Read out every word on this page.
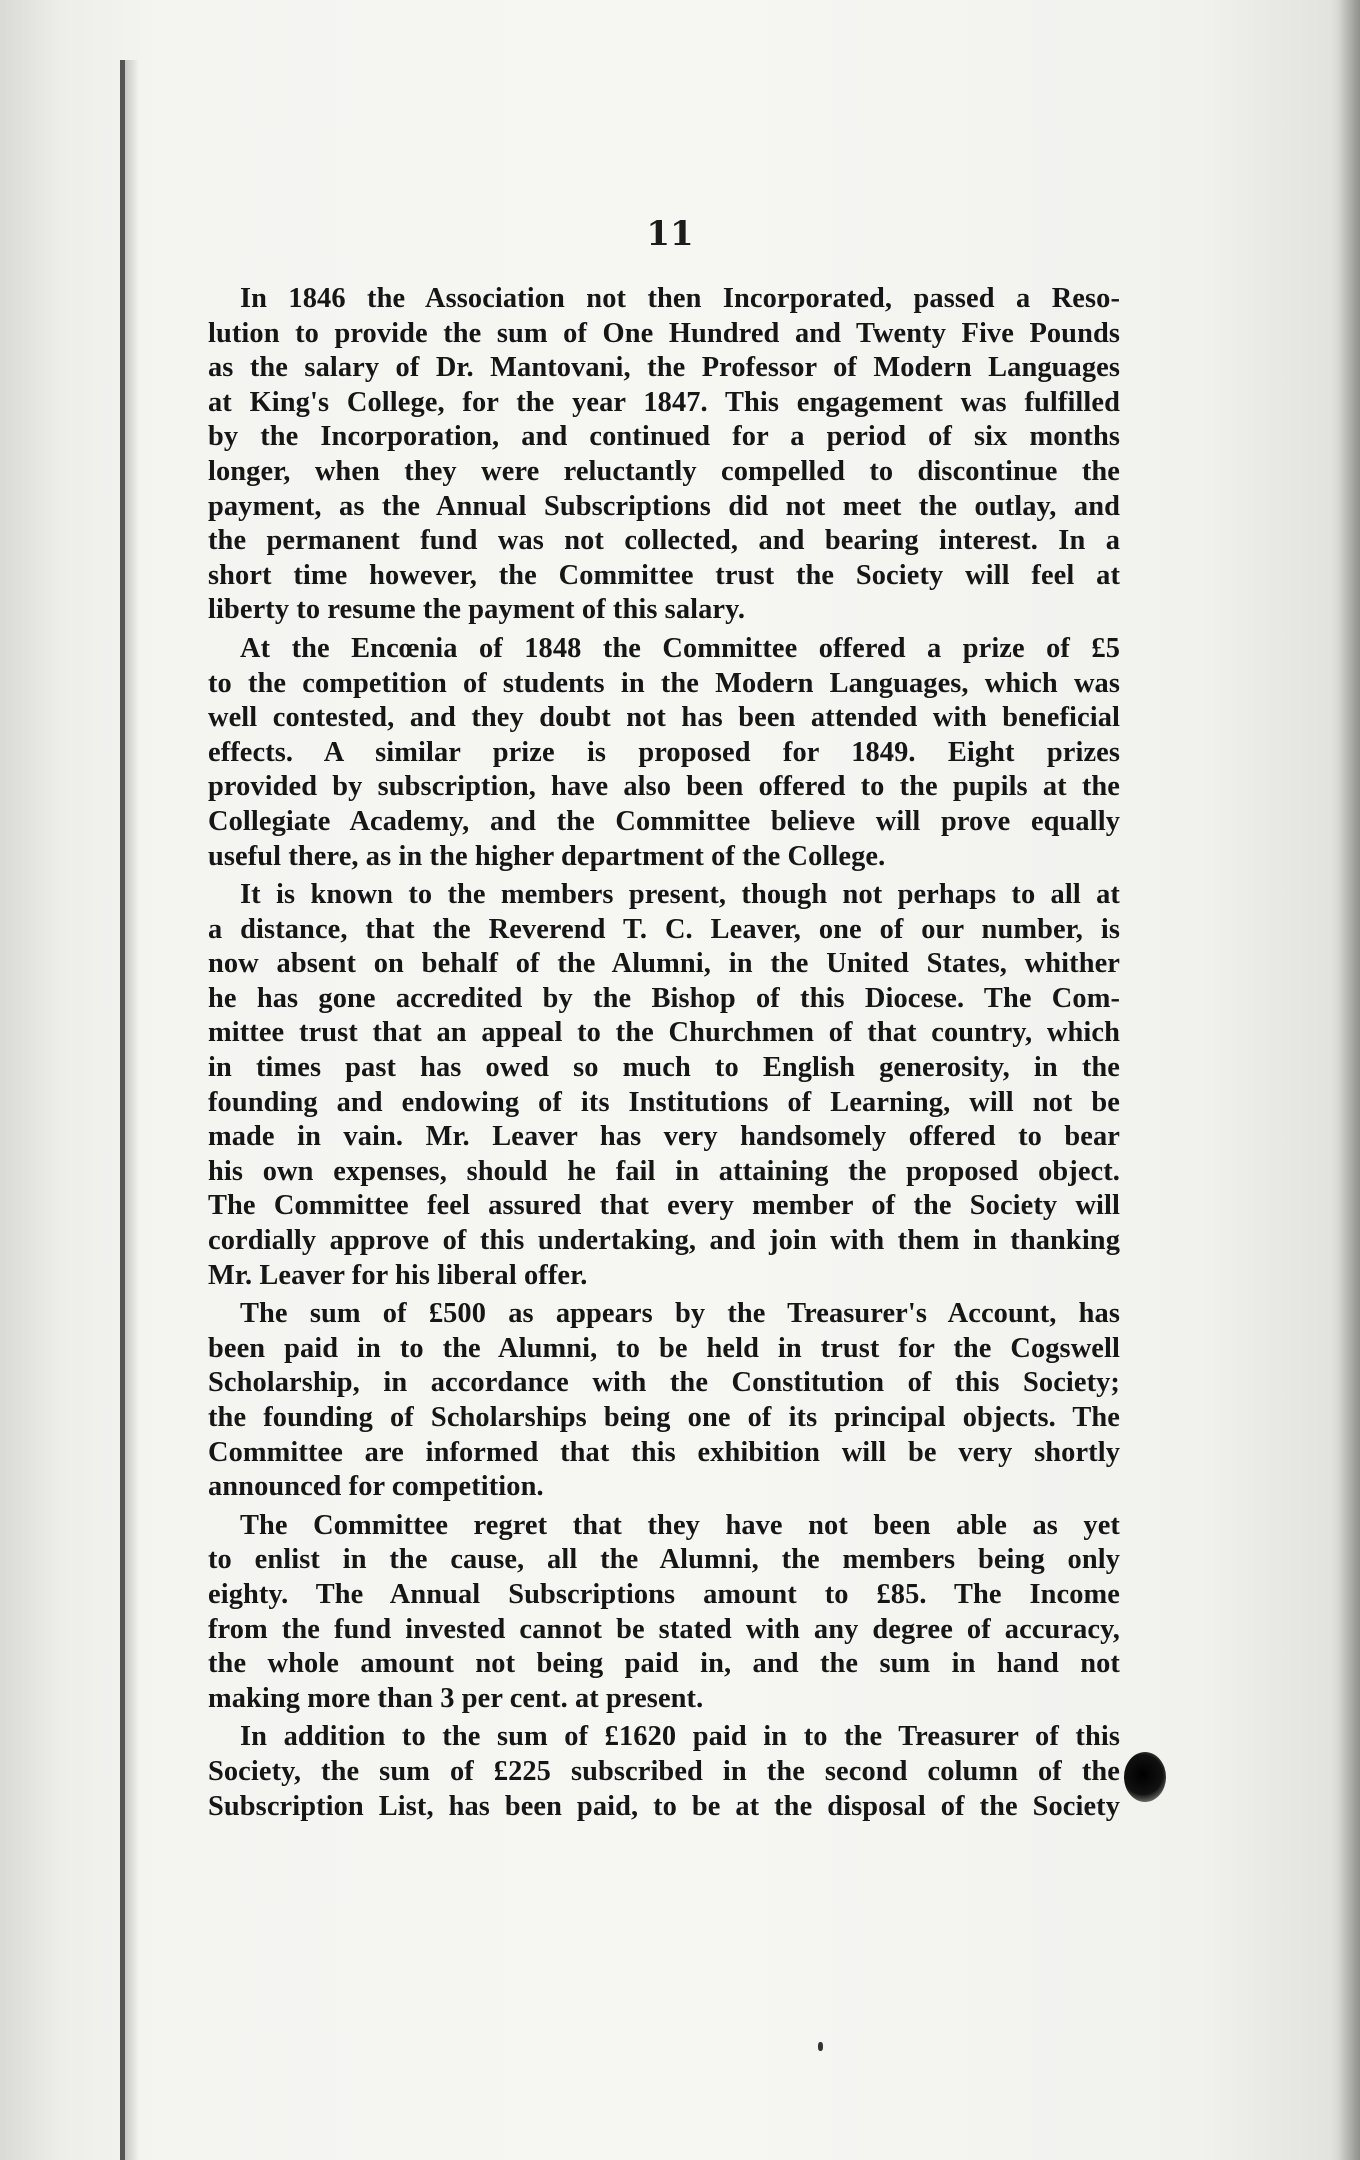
11

In 1846 the Association not then Incorporated, passed a Reso-
lution to provide the sum of One Hundred and Twenty Five Pounds
as the salary of Dr. Mantovani, the Professor of Modern Languages
at King's College, for the year 1847. This engagement was fulfilled
by the Incorporation, and continued for a period of six months
longer, when they were reluctantly compelled to discontinue the
payment, as the Annual Subscriptions did not meet the outlay, and
the permanent fund was not collected, and bearing interest. In a
short time however, the Committee trust the Society will feel at
liberty to resume the payment of this salary.

At the Encœnia of 1848 the Committee offered a prize of £5
to the competition of students in the Modern Languages, which was
well contested, and they doubt not has been attended with beneficial
effects. A similar prize is proposed for 1849. Eight prizes
provided by subscription, have also been offered to the pupils at the
Collegiate Academy, and the Committee believe will prove equally
useful there, as in the higher department of the College.

It is known to the members present, though not perhaps to all at
a distance, that the Reverend T. C. Leaver, one of our number, is
now absent on behalf of the Alumni, in the United States, whither
he has gone accredited by the Bishop of this Diocese. The Com-
mittee trust that an appeal to the Churchmen of that country, which
in times past has owed so much to English generosity, in the
founding and endowing of its Institutions of Learning, will not be
made in vain. Mr. Leaver has very handsomely offered to bear
his own expenses, should he fail in attaining the proposed object.
The Committee feel assured that every member of the Society will
cordially approve of this undertaking, and join with them in thanking
Mr. Leaver for his liberal offer.

The sum of £500 as appears by the Treasurer's Account, has
been paid in to the Alumni, to be held in trust for the Cogswell
Scholarship, in accordance with the Constitution of this Society;
the founding of Scholarships being one of its principal objects. The
Committee are informed that this exhibition will be very shortly
announced for competition.

The Committee regret that they have not been able as yet
to enlist in the cause, all the Alumni, the members being only
eighty. The Annual Subscriptions amount to £85. The Income
from the fund invested cannot be stated with any degree of accuracy,
the whole amount not being paid in, and the sum in hand not
making more than 3 per cent. at present.

In addition to the sum of £1620 paid in to the Treasurer of this
Society, the sum of £225 subscribed in the second column of the
Subscription List, has been paid, to be at the disposal of the Society
